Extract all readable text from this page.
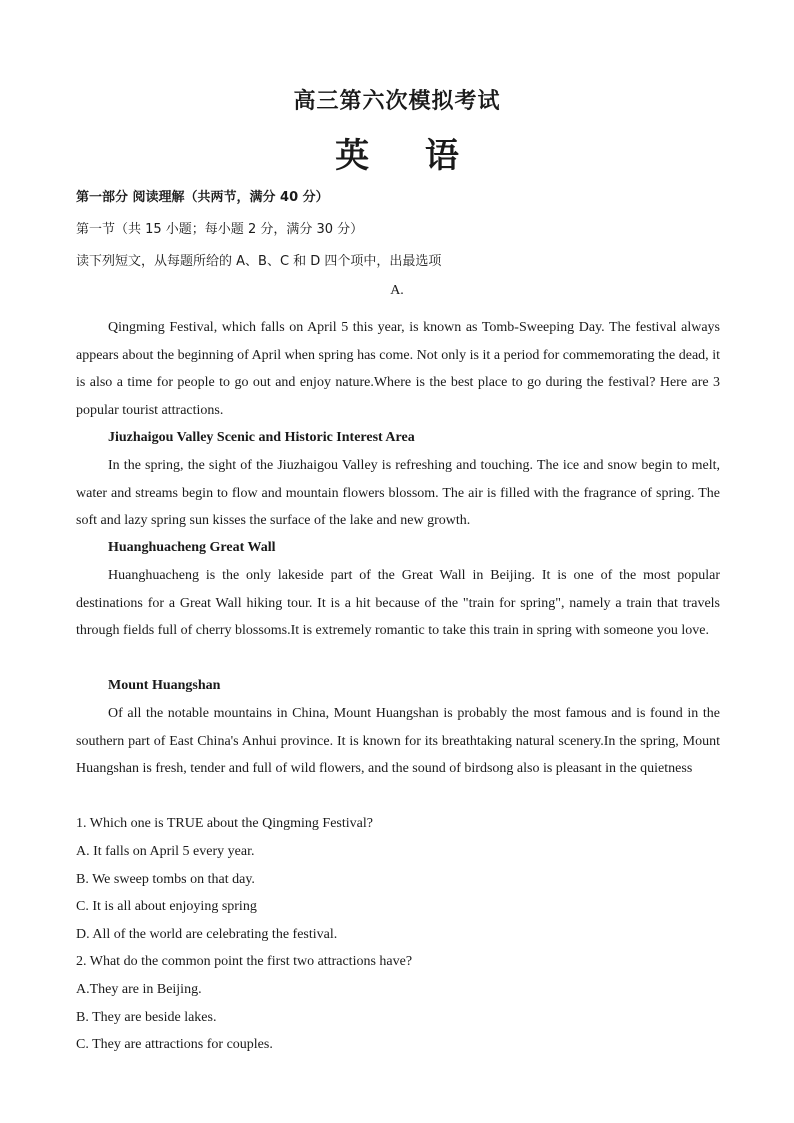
高三第六次模拟考试
英 语
第一部分 阅读理解（共两节，满分 40 分）
第一节（共 15 小题；每小题 2 分，满分 30 分）
读下列短文，从每题所给的 A、B、C 和 D 四个项中，出最选项
A.

Qingming Festival, which falls on April 5 this year, is known as Tomb-Sweeping Day. The festival always appears about the beginning of April when spring has come. Not only is it a period for commemorating the dead, it is also a time for people to go out and enjoy nature.Where is the best place to go during the festival? Here are 3 popular tourist attractions.

Jiuzhaigou Valley Scenic and Historic Interest Area

In the spring, the sight of the Jiuzhaigou Valley is refreshing and touching. The ice and snow begin to melt, water and streams begin to flow and mountain flowers blossom. The air is filled with the fragrance of spring. The soft and lazy spring sun kisses the surface of the lake and new growth.

Huanghuacheng Great Wall

Huanghuacheng is the only lakeside part of the Great Wall in Beijing. It is one of the most popular destinations for a Great Wall hiking tour. It is a hit because of the "train for spring", namely a train that travels through fields full of cherry blossoms.It is extremely romantic to take this train in spring with someone you love.

Mount Huangshan

Of all the notable mountains in China, Mount Huangshan is probably the most famous and is found in the southern part of East China's Anhui province. It is known for its breathtaking natural scenery.In the spring, Mount Huangshan is fresh, tender and full of wild flowers, and the sound of birdsong also is pleasant in the quietness

1. Which one is TRUE about the Qingming Festival?
A. It falls on April 5 every year.
B. We sweep tombs on that day.
C. It is all about enjoying spring
D. All of the world are celebrating the festival.
2. What do the common point the first two attractions have?
A.They are in Beijing.
B. They are beside lakes.
C. They are attractions for couples.
